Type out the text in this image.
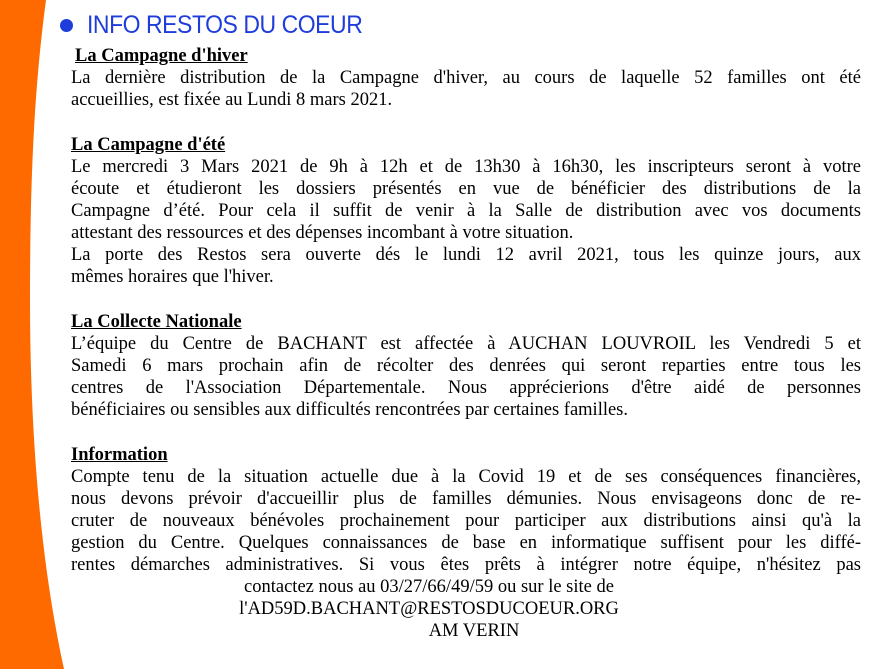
INFO RESTOS DU COEUR

La Campagne d'hiver

La dernière distribution de la Campagne d'hiver, au cours de laquelle 52 familles ont été
accueillies, est fixée au Lundi 8 mars 2021.

La Campagne d'été

Le mercredi 3 Mars 2021 de 9h à 12h et de 13h30 à 16h30, les inscripteurs seront à votre
écoute et étudieront les dossiers présentés en vue de bénéficier des distributions de la
Campagne d’été. Pour cela il suffit de venir à la Salle de distribution avec vos documents
attestant des ressources et des dépenses incombant à votre situation.
La porte des Restos sera ouverte dés le lundi 12 avril 2021, tous les quinze jours, aux
mêmes horaires que l'hiver.

La Collecte Nationale

L’équipe du Centre de BACHANT est affectée à AUCHAN LOUVROIL les Vendredi 5 et
Samedi 6 mars prochain afin de récolter des denrées qui seront reparties entre tous les
centres de l'Association Départementale. Nous apprécierions d'être aidé de personnes
bénéficiaires ou sensibles aux difficultés rencontrées par certaines familles.

Information

Compte tenu de la situation actuelle due à la Covid 19 et de ses conséquences financières,
nous devons prévoir d'accueillir plus de familles démunies. Nous envisageons donc de re-
cruter de nouveaux bénévoles prochainement pour participer aux distributions ainsi qu'à la
gestion du Centre. Quelques connaissances de base en informatique suffisent pour les diffé-
rentes démarches administratives. Si vous êtes prêts à intégrer notre équipe, n'hésitez pas
contactez nous au 03/27/66/49/59 ou sur le site de
l'AD59D.BACHANT@RESTOSDUCOEUR.ORG
AM VERIN
